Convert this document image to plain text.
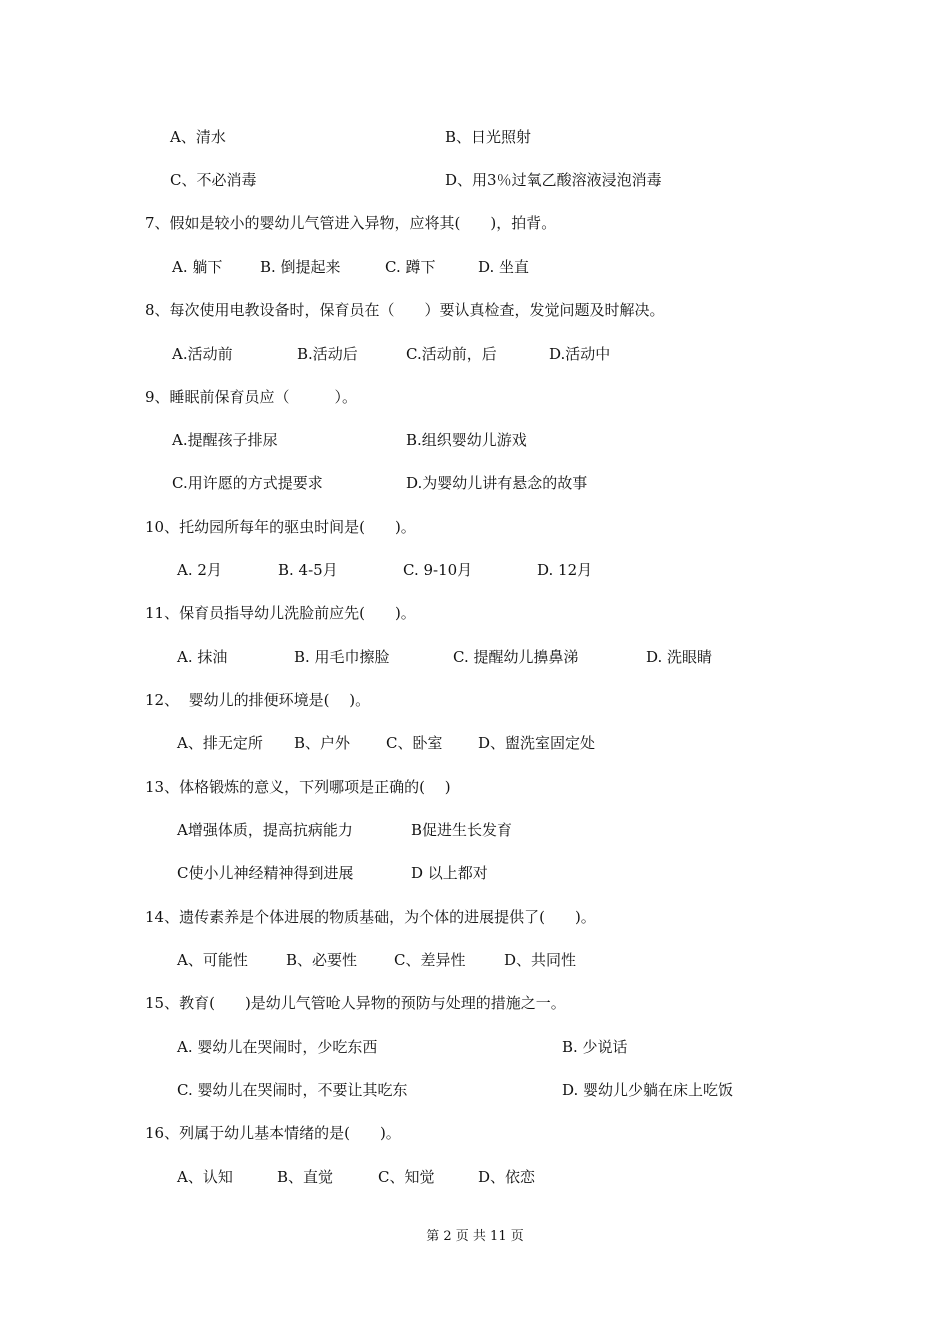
A、清水	B、日光照射
C、不必消毒	D、用3％过氧乙酸溶液浸泡消毒
7、假如是较小的婴幼儿气管进入异物，应将其(　　)，拍背。
A. 躺下	B. 倒提起来	C. 蹲下	D. 坐直
8、每次使用电教设备时，保育员在（　　）要认真检查，发觉问题及时解决。
A.活动前	B.活动后	C.活动前，后	D.活动中
9、睡眠前保育员应（　　　）。
A.提醒孩子排尿	B.组织婴幼儿游戏
C.用许愿的方式提要求	D.为婴幼儿讲有悬念的故事
10、托幼园所每年的驱虫时间是(　　)。
A. 2月	B. 4-5月	C. 9-10月	D. 12月
11、保育员指导幼儿洗脸前应先(　　)。
A. 抹油	B. 用毛巾擦脸	C. 提醒幼儿擤鼻涕	D. 洗眼睛
12、  婴幼儿的排便环境是(　 )。
A、排无定所 B、户外 C、卧室 D、盥洗室固定处
13、体格锻炼的意义，下列哪项是正确的(　 )
A增强体质，提高抗病能力	B促进生长发育
C使小儿神经精神得到进展	D 以上都对
14、遗传素养是个体进展的物质基础，为个体的进展提供了(　　)。
A、可能性	B、必要性 C、差异性	D、共同性
15、教育(　　)是幼儿气管呛人异物的预防与处理的措施之一。
A. 婴幼儿在哭闹时，少吃东西	B. 少说话
C. 婴幼儿在哭闹时，不要让其吃东	D. 婴幼儿少躺在床上吃饭
16、列属于幼儿基本情绪的是(　　)。
A、认知	B、直觉	C、知觉	D、依恋
第 2 页 共 11 页
